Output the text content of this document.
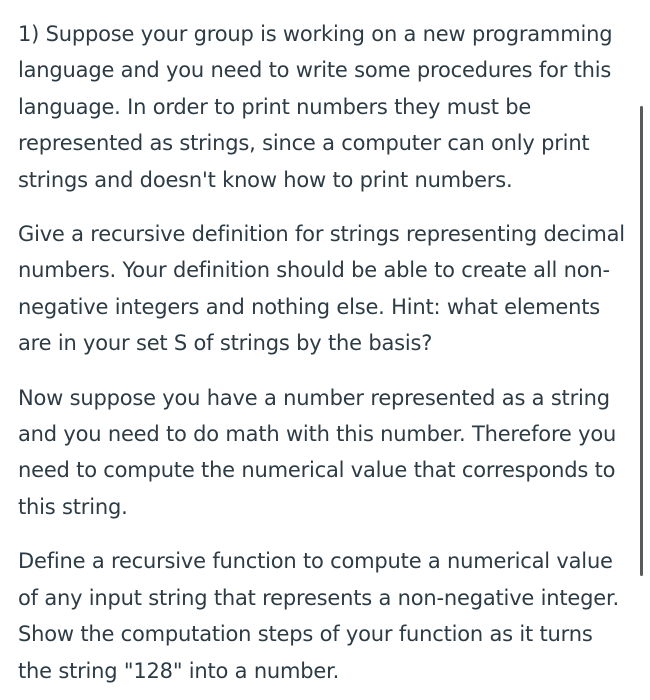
1) Suppose your group is working on a new programming language and you need to write some procedures for this language. In order to print numbers they must be represented as strings, since a computer can only print strings and doesn't know how to print numbers.

Give a recursive definition for strings representing decimal numbers. Your definition should be able to create all non-negative integers and nothing else. Hint: what elements are in your set S of strings by the basis?

Now suppose you have a number represented as a string and you need to do math with this number. Therefore you need to compute the numerical value that corresponds to this string.

Define a recursive function to compute a numerical value of any input string that represents a non-negative integer. Show the computation steps of your function as it turns the string "128" into a number.
